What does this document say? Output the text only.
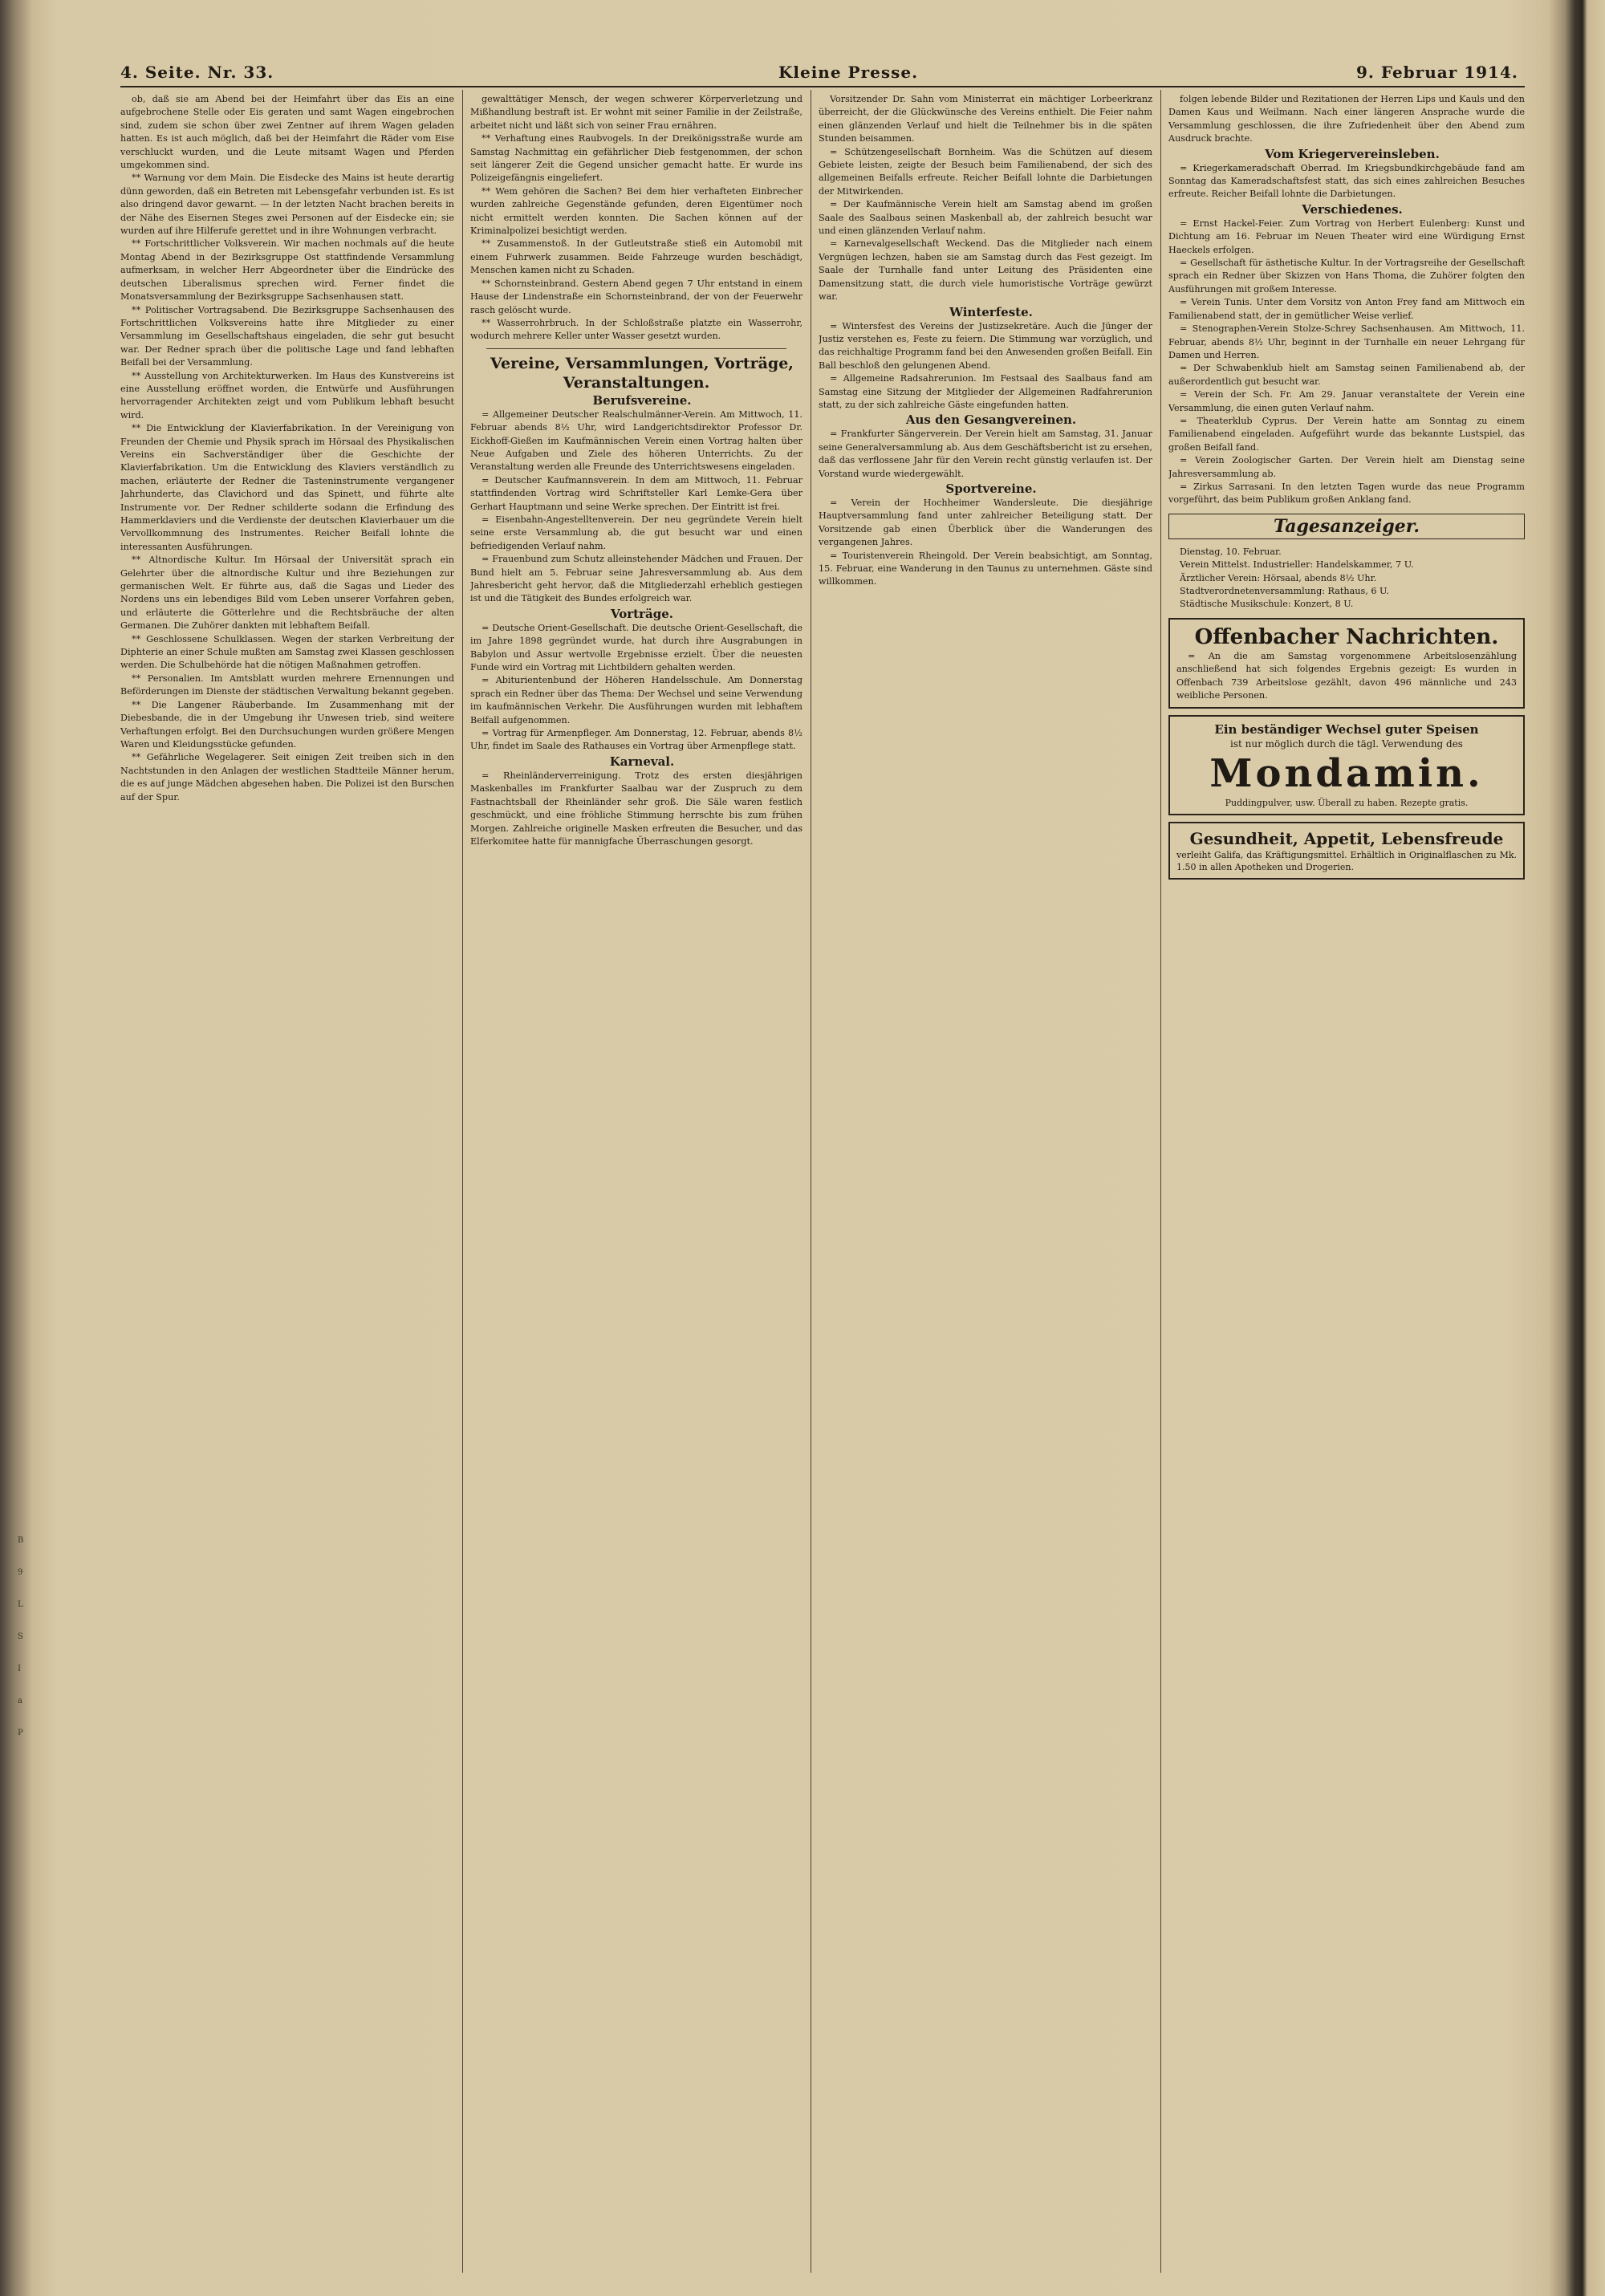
4. Seite. Nr. 33.	Kleine Presse.	9. Februar 1914.

ob, daß sie am Abend bei der Heimfahrt über das Eis an eine aufgebrochene Stelle oder Eis geraten und samt Wagen eingebrochen sind, zudem sie schon über zwei Zentner auf ihrem Wagen geladen hatten. Es ist auch möglich, daß bei der Heimfahrt die Räder vom Eise verschluckt wurden, und die Leute mitsamt Wagen und Pferden umgekommen sind.

** Warnung vor dem Main. Die Eisdecke des Mains ist heute derartig dünn geworden, daß ein Betreten mit Lebensgefahr verbunden ist. Es ist also dringend davor gewarnt. — In der letzten Nacht brachen bereits in der Nähe des Eisernen Steges zwei Personen auf der Eisdecke ein; sie wurden auf ihre Hilferufe gerettet und in ihre Wohnungen verbracht.

** Fortschrittlicher Volksverein. Wir machen nochmals auf die heute Montag Abend in der Bezirksgruppe Ost stattfindende Versammlung aufmerksam, in welcher Herr Abgeordneter über die Eindrücke des deutschen Liberalismus sprechen wird. Ferner findet die Monatsversammlung der Bezirksgruppe Sachsenhausen statt.

** Politischer Vortragsabend. Die Bezirksgruppe Sachsenhausen des Fortschrittlichen Volksvereins hatte ihre Mitglieder zu einer Versammlung im Gesellschaftshaus eingeladen, die sehr gut besucht war. Der Redner sprach über die politische Lage und fand lebhaften Beifall bei der Versammlung.

** Ausstellung von Architekturwerken. Im Haus des Kunstvereins ist eine Ausstellung eröffnet worden, die Entwürfe und Ausführungen hervorragender Architekten zeigt und vom Publikum lebhaft besucht wird.

** Die Entwicklung der Klavierfabrikation. In der Vereinigung von Freunden der Chemie und Physik sprach im Hörsaal des Physikalischen Vereins ein Sachverständiger über die Geschichte der Klavierfabrikation. Um die Entwicklung des Klaviers verständlich zu machen, erläuterte der Redner die Tasteninstrumente vergangener Jahrhunderte, das Clavichord und das Spinett, und führte alte Instrumente vor. Der Redner schilderte sodann die Erfindung des Hammerklaviers und die Verdienste der deutschen Klavierbauer um die Vervollkommnung des Instrumentes. Reicher Beifall lohnte die interessanten Ausführungen.

** Altnordische Kultur. Im Hörsaal der Universität sprach ein Gelehrter über die altnordische Kultur und ihre Beziehungen zur germanischen Welt. Er führte aus, daß die Sagas und Lieder des Nordens uns ein lebendiges Bild vom Leben unserer Vorfahren geben, und erläuterte die Götterlehre und die Rechtsbräuche der alten Germanen. Die Zuhörer dankten mit lebhaftem Beifall.

** Geschlossene Schulklassen. Wegen der starken Verbreitung der Diphterie an einer Schule mußten am Samstag zwei Klassen geschlossen werden. Die Schulbehörde hat die nötigen Maßnahmen getroffen.

** Personalien. Im Amtsblatt wurden mehrere Ernennungen und Beförderungen im Dienste der städtischen Verwaltung bekannt gegeben.

** Die Langener Räuberbande. Im Zusammenhang mit der Diebesbande, die in der Umgebung ihr Unwesen trieb, sind weitere Verhaftungen erfolgt. Bei den Durchsuchungen wurden größere Mengen Waren und Kleidungsstücke gefunden.

** Gefährliche Wegelagerer. Seit einigen Zeit treiben sich in den Nachtstunden in den Anlagen der westlichen Stadtteile Männer herum, die es auf junge Mädchen abgesehen haben. Die Polizei ist den Burschen auf der Spur.

gewalttätiger Mensch, der wegen schwerer Körperverletzung und Mißhandlung bestraft ist. Er wohnt mit seiner Familie in der Zeilstraße, arbeitet nicht und läßt sich von seiner Frau ernähren.

** Verhaftung eines Raubvogels. In der Dreikönigsstraße wurde am Samstag Nachmittag ein gefährlicher Dieb festgenommen, der schon seit längerer Zeit die Gegend unsicher gemacht hatte. Er wurde ins Polizeigefängnis eingeliefert.

** Wem gehören die Sachen? Bei dem hier verhafteten Einbrecher wurden zahlreiche Gegenstände gefunden, deren Eigentümer noch nicht ermittelt werden konnten. Die Sachen können auf der Kriminalpolizei besichtigt werden.

** Zusammenstoß. In der Gutleutstraße stieß ein Automobil mit einem Fuhrwerk zusammen. Beide Fahrzeuge wurden beschädigt, Menschen kamen nicht zu Schaden.

** Schornsteinbrand. Gestern Abend gegen 7 Uhr entstand in einem Hause der Lindenstraße ein Schornsteinbrand, der von der Feuerwehr rasch gelöscht wurde.

** Wasserrohrbruch. In der Schloßstraße platzte ein Wasserrohr, wodurch mehrere Keller unter Wasser gesetzt wurden.

Vereine, Versammlungen, Vorträge, Veranstaltungen.

Berufsvereine.

= Allgemeiner Deutscher Realschulmänner-Verein. Am Mittwoch, 11. Februar abends 8½ Uhr, wird Landgerichtsdirektor Professor Dr. Eickhoff-Gießen im Kaufmännischen Verein einen Vortrag halten über Neue Aufgaben und Ziele des höheren Unterrichts. Zu der Veranstaltung werden alle Freunde des Unterrichtswesens eingeladen.

= Deutscher Kaufmannsverein. In dem am Mittwoch, 11. Februar stattfindenden Vortrag wird Schriftsteller Karl Lemke-Gera über Gerhart Hauptmann und seine Werke sprechen. Der Eintritt ist frei.

= Eisenbahn-Angestelltenverein. Der neu gegründete Verein hielt seine erste Versammlung ab, die gut besucht war und einen befriedigenden Verlauf nahm.

= Frauenbund zum Schutz alleinstehender Mädchen und Frauen. Der Bund hielt am 5. Februar seine Jahresversammlung ab. Aus dem Jahresbericht geht hervor, daß die Mitgliederzahl erheblich gestiegen ist und die Tätigkeit des Bundes erfolgreich war.

Vorträge.

= Deutsche Orient-Gesellschaft. Die deutsche Orient-Gesellschaft, die im Jahre 1898 gegründet wurde, hat durch ihre Ausgrabungen in Babylon und Assur wertvolle Ergebnisse erzielt. Über die neuesten Funde wird ein Vortrag mit Lichtbildern gehalten werden.

= Abiturientenbund der Höheren Handelsschule. Am Donnerstag sprach ein Redner über das Thema: Der Wechsel und seine Verwendung im kaufmännischen Verkehr. Die Ausführungen wurden mit lebhaftem Beifall aufgenommen.

= Vortrag für Armenpfleger. Am Donnerstag, 12. Februar, abends 8½ Uhr, findet im Saale des Rathauses ein Vortrag über Armenpflege statt.

Karneval.

= Rheinländerverreinigung. Trotz des ersten diesjährigen Maskenballes im Frankfurter Saalbau war der Zuspruch zu dem Fastnachtsball der Rheinländer sehr groß. Die Säle waren festlich geschmückt, und eine fröhliche Stimmung herrschte bis zum frühen Morgen. Zahlreiche originelle Masken erfreuten die Besucher, und das Elferkomitee hatte für mannigfache Überraschungen gesorgt.

Vorsitzender Dr. Sahn vom Ministerrat ein mächtiger Lorbeerkranz überreicht, der die Glückwünsche des Vereins enthielt. Die Feier nahm einen glänzenden Verlauf und hielt die Teilnehmer bis in die späten Stunden beisammen.

= Schützengesellschaft Bornheim. Was die Schützen auf diesem Gebiete leisten, zeigte der Besuch beim Familienabend, der sich des allgemeinen Beifalls erfreute. Reicher Beifall lohnte die Darbietungen der Mitwirkenden.

= Der Kaufmännische Verein hielt am Samstag abend im großen Saale des Saalbaus seinen Maskenball ab, der zahlreich besucht war und einen glänzenden Verlauf nahm.

= Karnevalgesellschaft Weckend. Das die Mitglieder nach einem Vergnügen lechzen, haben sie am Samstag durch das Fest gezeigt. Im Saale der Turnhalle fand unter Leitung des Präsidenten eine Damensitzung statt, die durch viele humoristische Vorträge gewürzt war.

Winterfeste.

= Wintersfest des Vereins der Justizsekretäre. Auch die Jünger der Justiz verstehen es, Feste zu feiern. Die Stimmung war vorzüglich, und das reichhaltige Programm fand bei den Anwesenden großen Beifall. Ein Ball beschloß den gelungenen Abend.

= Allgemeine Radsahrerunion. Im Festsaal des Saalbaus fand am Samstag eine Sitzung der Mitglieder der Allgemeinen Radfahrerunion statt, zu der sich zahlreiche Gäste eingefunden hatten.

Aus den Gesangvereinen.

= Frankfurter Sängerverein. Der Verein hielt am Samstag, 31. Januar seine Generalversammlung ab. Aus dem Geschäftsbericht ist zu ersehen, daß das verflossene Jahr für den Verein recht günstig verlaufen ist. Der Vorstand wurde wiedergewählt.

Sportvereine.

= Verein der Hochheimer Wandersleute. Die diesjährige Hauptversammlung fand unter zahlreicher Beteiligung statt. Der Vorsitzende gab einen Überblick über die Wanderungen des vergangenen Jahres.

= Touristenverein Rheingold. Der Verein beabsichtigt, am Sonntag, 15. Februar, eine Wanderung in den Taunus zu unternehmen. Gäste sind willkommen.

folgen lebende Bilder und Rezitationen der Herren Lips und Kauls und den Damen Kaus und Weilmann. Nach einer längeren Ansprache wurde die Versammlung geschlossen, die ihre Zufriedenheit über den Abend zum Ausdruck brachte.

Vom Kriegervereinsleben.

= Kriegerkameradschaft Oberrad. Im Kriegsbundkirchgebäude fand am Sonntag das Kameradschaftsfest statt, das sich eines zahlreichen Besuches erfreute. Reicher Beifall lohnte die Darbietungen.

Verschiedenes.

= Ernst Hackel-Feier. Zum Vortrag von Herbert Eulenberg: Kunst und Dichtung am 16. Februar im Neuen Theater wird eine Würdigung Ernst Haeckels erfolgen.

= Gesellschaft für ästhetische Kultur. In der Vortragsreihe der Gesellschaft sprach ein Redner über Skizzen von Hans Thoma, die Zuhörer folgten den Ausführungen mit großem Interesse.

= Verein Tunis. Unter dem Vorsitz von Anton Frey fand am Mittwoch ein Familienabend statt, der in gemütlicher Weise verlief.

= Stenographen-Verein Stolze-Schrey Sachsenhausen. Am Mittwoch, 11. Februar, abends 8½ Uhr, beginnt in der Turnhalle ein neuer Lehrgang für Damen und Herren.

= Der Schwabenklub hielt am Samstag seinen Familienabend ab, der außerordentlich gut besucht war.

= Verein der Sch. Fr. Am 29. Januar veranstaltete der Verein eine Versammlung, die einen guten Verlauf nahm.

= Theaterklub Cyprus. Der Verein hatte am Sonntag zu einem Familienabend eingeladen. Aufgeführt wurde das bekannte Lustspiel, das großen Beifall fand.

= Verein Zoologischer Garten. Der Verein hielt am Dienstag seine Jahresversammlung ab.

= Zirkus Sarrasani. In den letzten Tagen wurde das neue Programm vorgeführt, das beim Publikum großen Anklang fand.

Tagesanzeiger.

Dienstag, 10. Februar.

Verein Mittelst. Industrieller: Handelskammer, 7 U.

Ärztlicher Verein: Hörsaal, abends 8½ Uhr.

Stadtverordnetenversammlung: Rathaus, 6 U.

Städtische Musikschule: Konzert, 8 U.

Offenbacher Nachrichten.

= An die am Samstag vorgenommene Arbeitslosenzählung anschließend hat sich folgendes Ergebnis gezeigt: Es wurden in Offenbach 739 Arbeitslose gezählt, davon 496 männliche und 243 weibliche Personen.

Ein beständiger Wechsel guter Speisen
ist nur möglich durch die tägl. Verwendung des
Mondamin.
Puddingpulver, usw. Überall zu haben. Rezepte gratis.
Gesundheit, Appetit, Lebensfreude
verleiht Galifa, das Kräftigungsmittel. Erhältlich in Originalflaschen zu Mk. 1.50 in allen Apotheken und Drogerien.
B
9
L
S
I
a
P
